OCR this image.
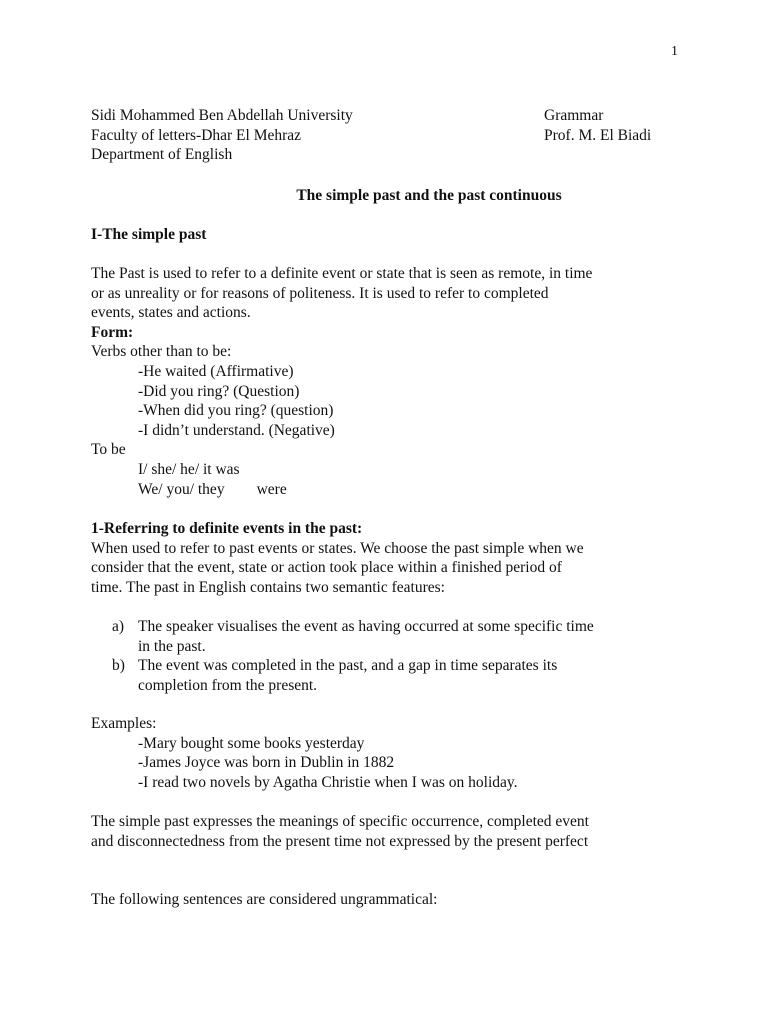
1
Sidi Mohammed Ben Abdellah University
Faculty of letters-Dhar El Mehraz
Department of English
Grammar
Prof. M. El Biadi
The simple past and the past continuous
I-The simple past
The Past is used to refer to a definite event or state that is seen as remote, in time
or as unreality or for reasons of politeness. It is used to refer to completed
events, states and actions.
Form:
Verbs other than to be:
-He waited (Affirmative)
-Did you ring? (Question)
-When did you ring? (question)
-I didn’t understand. (Negative)
To be
I/ she/ he/ it was
We/ you/ they were
1-Referring to definite events in the past:
When used to refer to past events or states. We choose the past simple when we
consider that the event, state or action took place within a finished period of
time. The past in English contains two semantic features:
a) The speaker visualises the event as having occurred at some specific time
in the past.
b) The event was completed in the past, and a gap in time separates its
completion from the present.
Examples:
-Mary bought some books yesterday
-James Joyce was born in Dublin in 1882
-I read two novels by Agatha Christie when I was on holiday.
The simple past expresses the meanings of specific occurrence, completed event
and disconnectedness from the present time not expressed by the present perfect
The following sentences are considered ungrammatical:
